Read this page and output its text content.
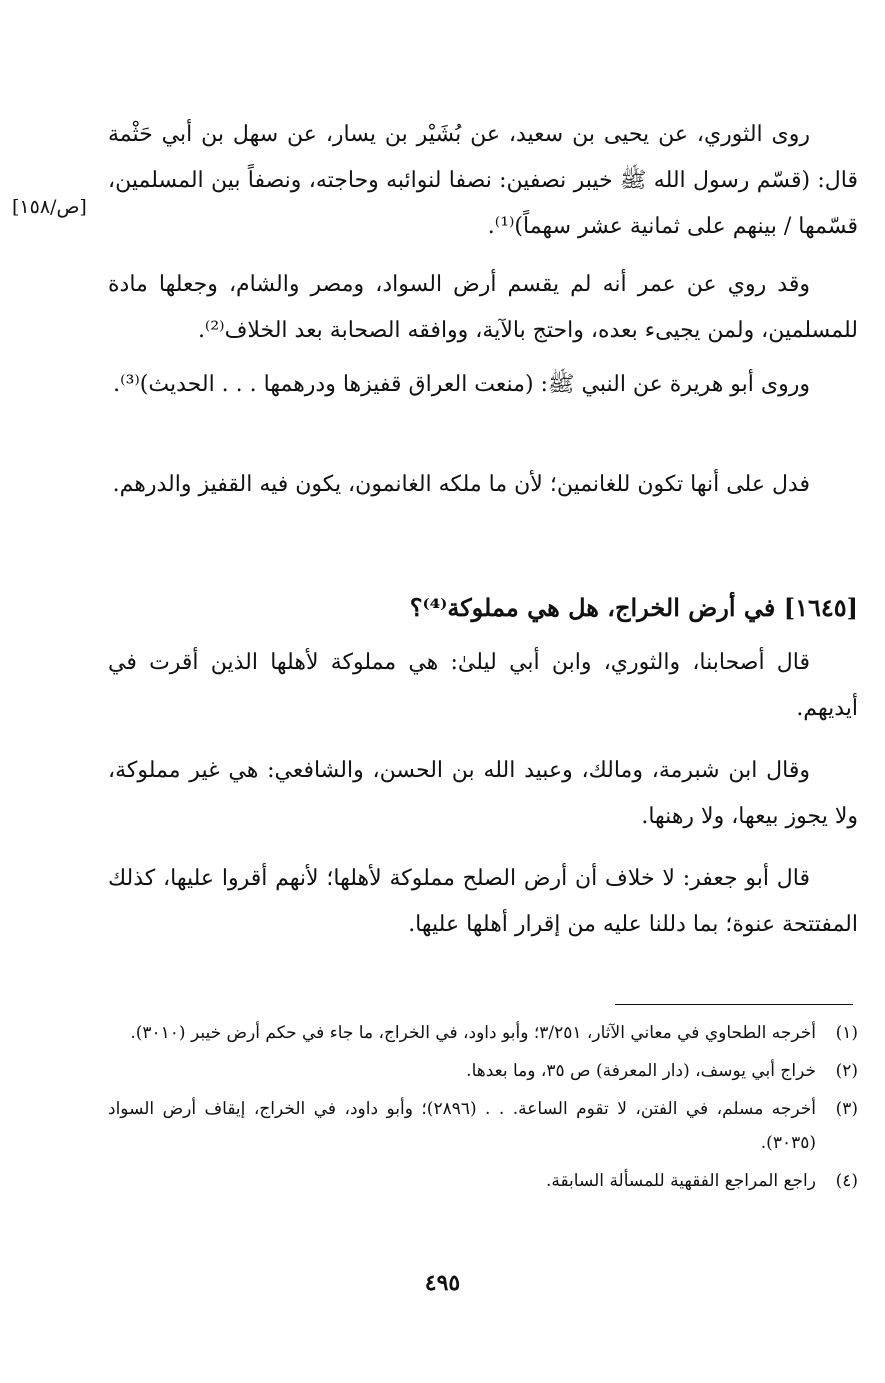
[ص/١٥٨]

روى الثوري، عن يحيى بن سعيد، عن بُشَيْر بن يسار، عن سهل بن أبي حَثْمة قال: (قسّم رسول الله ﷺ خيبر نصفين: نصفا لنوائبه وحاجته، ونصفاً بين المسلمين، قسّمها / بينهم على ثمانية عشر سهماً)⁽¹⁾.

وقد روي عن عمر أنه لم يقسم أرض السواد، ومصر والشام، وجعلها مادة للمسلمين، ولمن يجيىء بعده، واحتج بالآية، ووافقه الصحابة بعد الخلاف⁽²⁾.

وروى أبو هريرة عن النبي ﷺ: (منعت العراق قفيزها ودرهمها . . . الحديث)⁽³⁾.

فدل على أنها تكون للغانمين؛ لأن ما ملكه الغانمون، يكون فيه القفيز والدرهم.

[١٦٤٥] في أرض الخراج، هل هي مملوكة⁽⁴⁾؟

قال أصحابنا، والثوري، وابن أبي ليلىٰ: هي مملوكة لأهلها الذين أقرت في أيديهم.

وقال ابن شبرمة، ومالك، وعبيد الله بن الحسن، والشافعي: هي غير مملوكة، ولا يجوز بيعها، ولا رهنها.

قال أبو جعفر: لا خلاف أن أرض الصلح مملوكة لأهلها؛ لأنهم أقروا عليها، كذلك المفتتحة عنوة؛ بما دللنا عليه من إقرار أهلها عليها.

(١)
أخرجه الطحاوي في معاني الآثار، ٣/٢٥١؛ وأبو داود، في الخراج، ما جاء في حكم أرض خيبر (٣٠١٠).
(٢)
خراج أبي يوسف، (دار المعرفة) ص ٣٥، وما بعدها.
(٣)
أخرجه مسلم، في الفتن، لا تقوم الساعة. . . (٢٨٩٦)؛ وأبو داود، في الخراج، إيقاف أرض السواد (٣٠٣٥).
(٤)
راجع المراجع الفقهية للمسألة السابقة.
٤٩٥
